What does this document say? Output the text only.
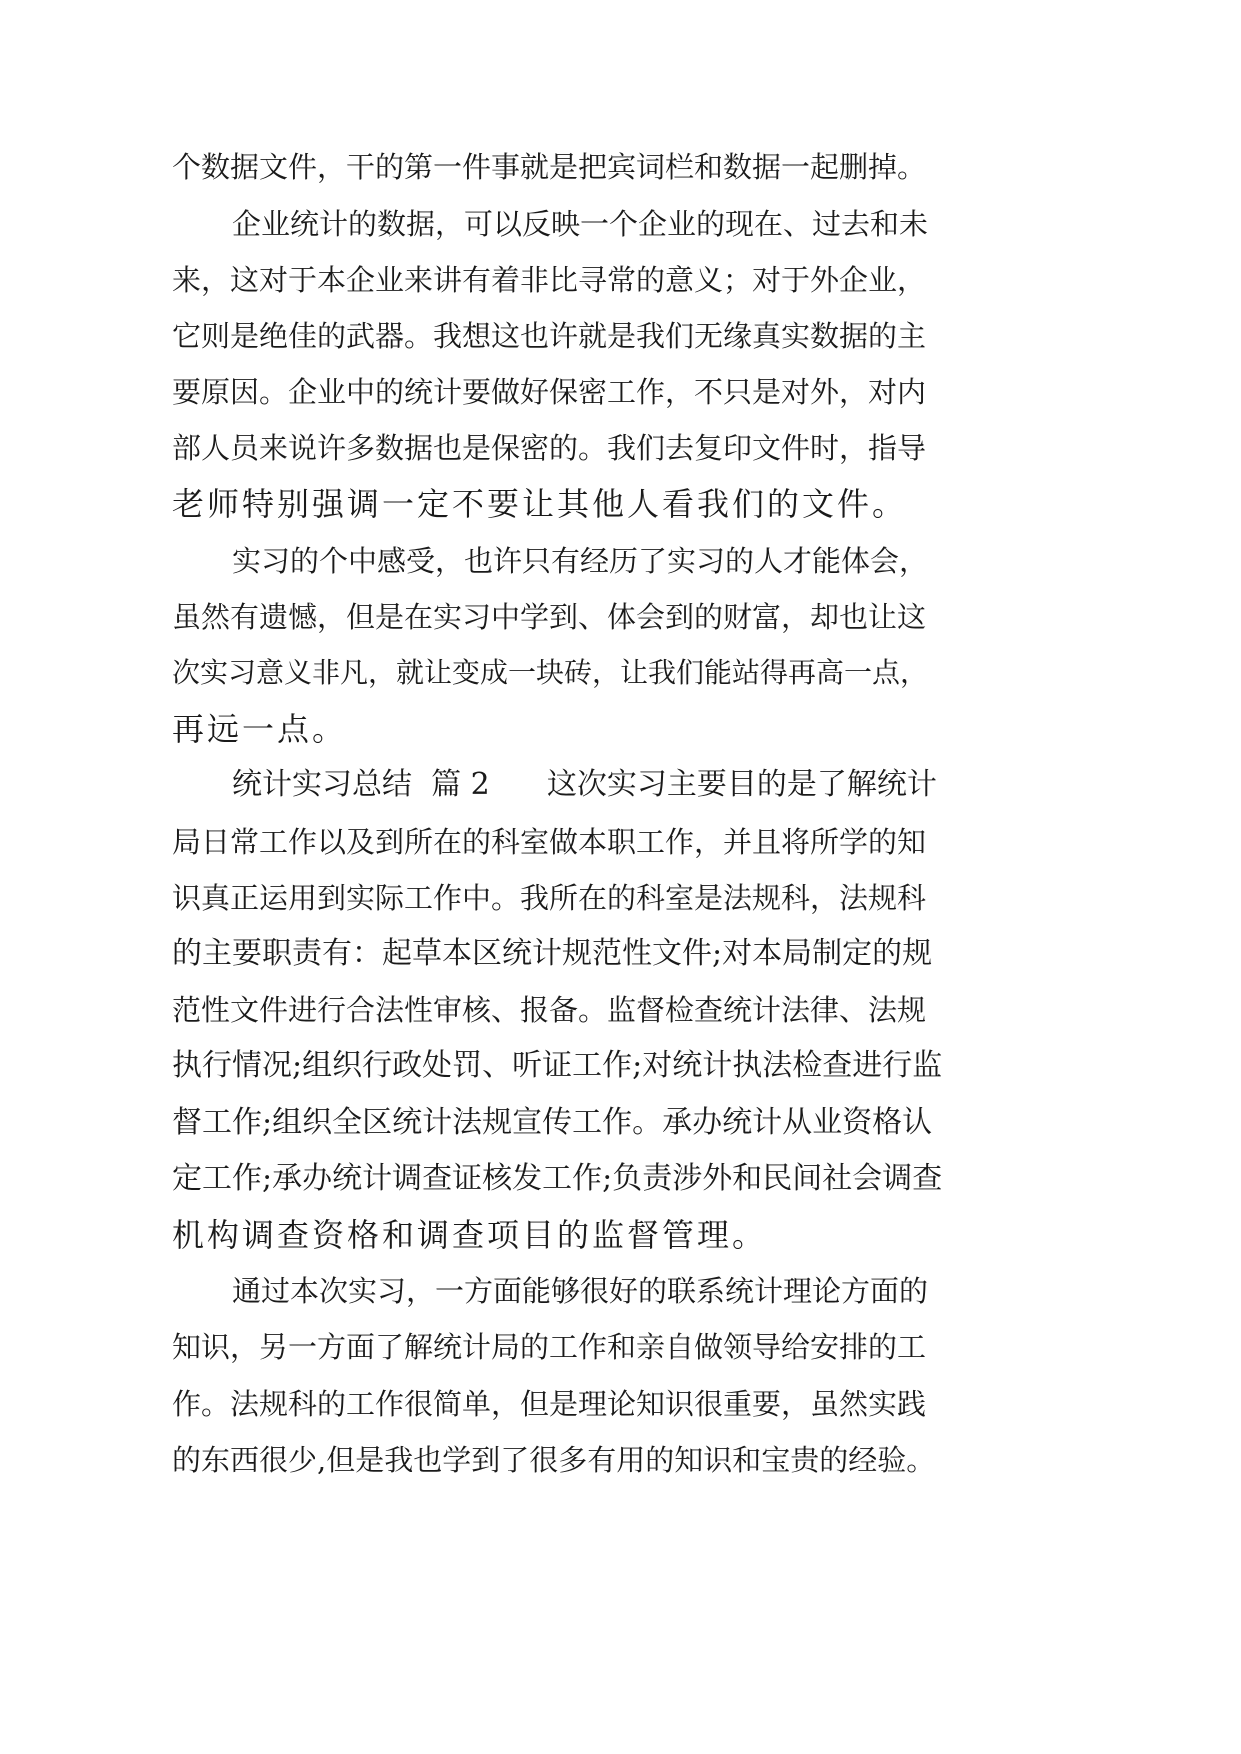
个数据文件，干的第一件事就是把宾词栏和数据一起删掉。
企业统计的数据，可以反映一个企业的现在、过去和未
来，这对于本企业来讲有着非比寻常的意义；对于外企业，
它则是绝佳的武器。我想这也许就是我们无缘真实数据的主
要原因。企业中的统计要做好保密工作，不只是对外，对内
部人员来说许多数据也是保密的。我们去复印文件时，指导
老师特别强调一定不要让其他人看我们的文件。
实习的个中感受，也许只有经历了实习的人才能体会，
虽然有遗憾，但是在实习中学到、体会到的财富，却也让这
次实习意义非凡，就让变成一块砖，让我们能站得再高一点，
再远一点。
统计实习总结  篇 2      这次实习主要目的是了解统计
局日常工作以及到所在的科室做本职工作，并且将所学的知
识真正运用到实际工作中。我所在的科室是法规科，法规科
的主要职责有：起草本区统计规范性文件;对本局制定的规
范性文件进行合法性审核、报备。监督检查统计法律、法规
执行情况;组织行政处罚、听证工作;对统计执法检查进行监
督工作;组织全区统计法规宣传工作。承办统计从业资格认
定工作;承办统计调查证核发工作;负责涉外和民间社会调查
机构调查资格和调查项目的监督管理。
通过本次实习，一方面能够很好的联系统计理论方面的
知识，另一方面了解统计局的工作和亲自做领导给安排的工
作。法规科的工作很简单，但是理论知识很重要，虽然实践
的东西很少,但是我也学到了很多有用的知识和宝贵的经验。
